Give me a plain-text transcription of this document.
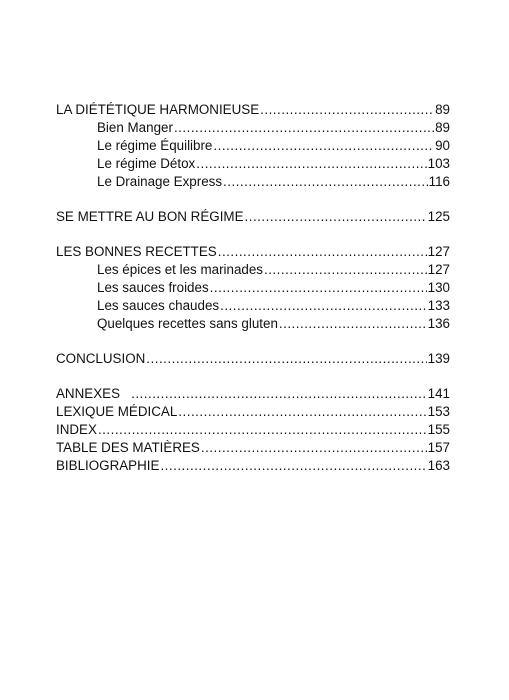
LA DIÉTÉTIQUE HARMONIEUSE .....	89
Bien Manger .....	89
Le régime Équilibre .....	90
Le régime Détox .....	103
Le Drainage Express .....	116
SE METTRE AU BON RÉGIME .....	125
LES BONNES RECETTES .....	127
Les épices et les marinades .....	127
Les sauces froides .....	130
Les sauces chaudes .....	133
Quelques recettes sans gluten .....	136
CONCLUSION .....	139
ANNEXES .....	141
LEXIQUE MÉDICAL .....	153
INDEX .....	155
TABLE DES MATIÈRES .....	157
BIBLIOGRAPHIE .....	163
